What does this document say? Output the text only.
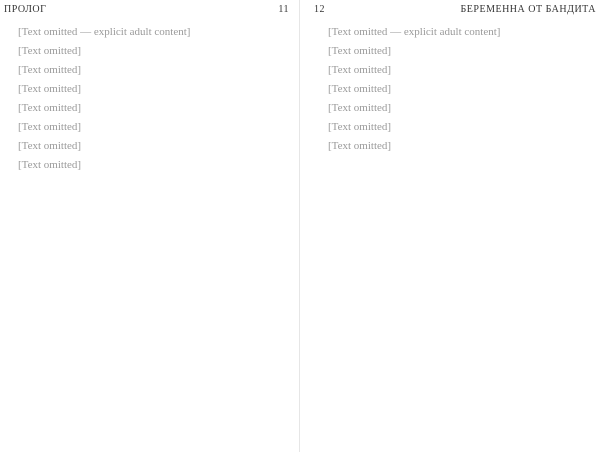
ПРОЛОГ	11

[Text omitted — explicit adult content]

[Text omitted]

[Text omitted]

[Text omitted]

[Text omitted]

[Text omitted]

[Text omitted]

[Text omitted]

12	БЕРЕМЕННА ОТ БАНДИТА

[Text omitted — explicit adult content]

[Text omitted]

[Text omitted]

[Text omitted]

[Text omitted]

[Text omitted]

[Text omitted]
